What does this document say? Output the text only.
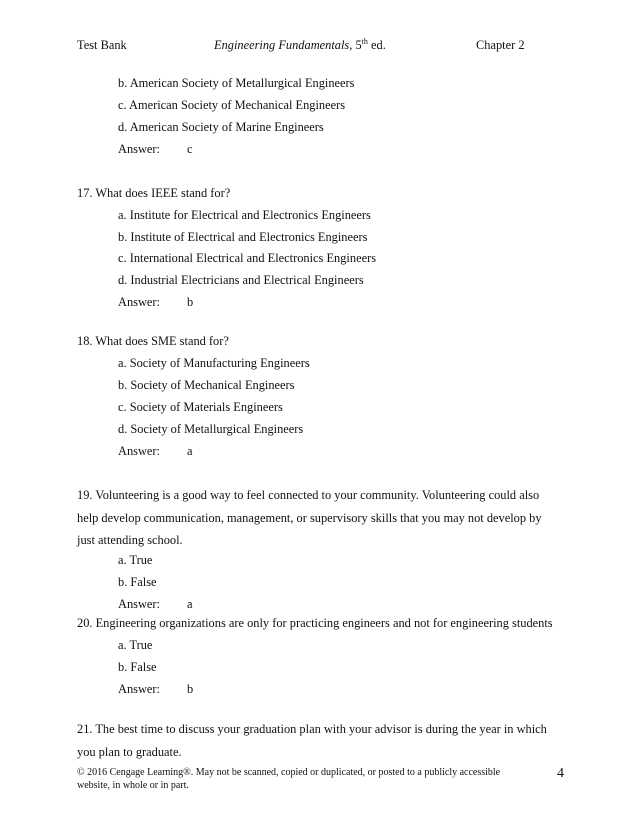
Test Bank	Engineering Fundamentals, 5th ed.	Chapter 2
b. American Society of Metallurgical Engineers
c. American Society of Mechanical Engineers
d. American Society of Marine Engineers
Answer: c
17. What does IEEE stand for?
a. Institute for Electrical and Electronics Engineers
b. Institute of Electrical and Electronics Engineers
c. International Electrical and Electronics Engineers
d. Industrial Electricians and Electrical Engineers
Answer: b
18. What does SME stand for?
a. Society of Manufacturing Engineers
b. Society of Mechanical Engineers
c. Society of Materials Engineers
d. Society of Metallurgical Engineers
Answer: a
19. Volunteering is a good way to feel connected to your community. Volunteering could also help develop communication, management, or supervisory skills that you may not develop by just attending school.
a. True
b. False
Answer: a
20. Engineering organizations are only for practicing engineers and not for engineering students
a. True
b. False
Answer: b
21. The best time to discuss your graduation plan with your advisor is during the year in which you plan to graduate.
© 2016 Cengage Learning®. May not be scanned, copied or duplicated, or posted to a publicly accessible website, in whole or in part.
4
